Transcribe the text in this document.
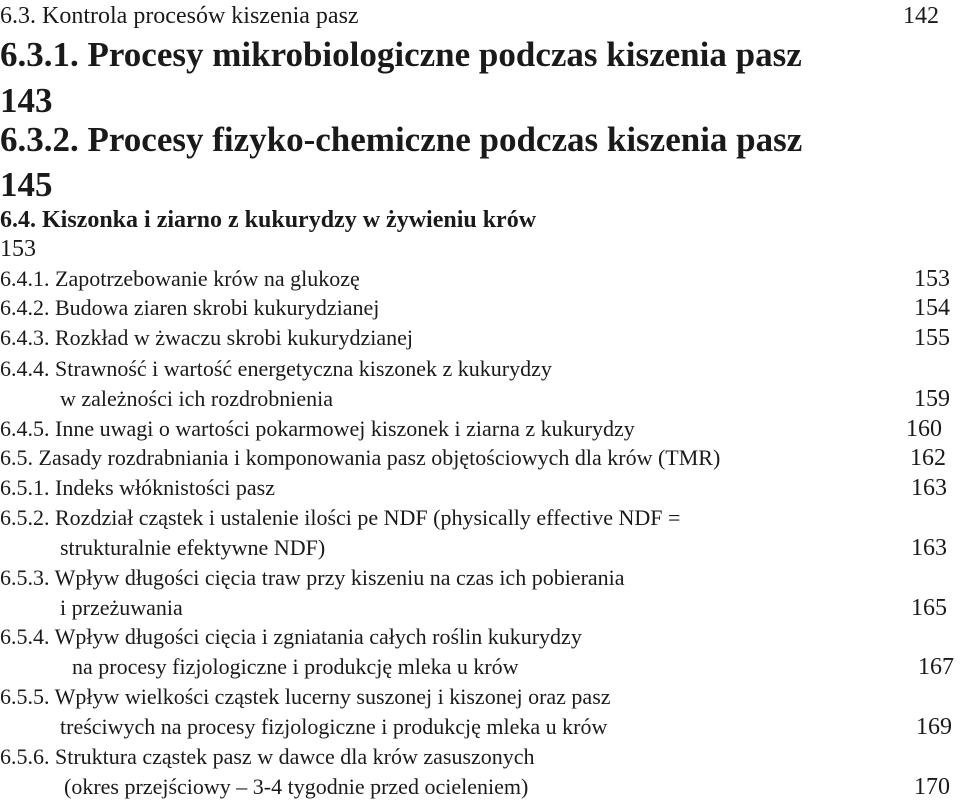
6.3. Kontrola procesów kiszenia pasz	142
6.3.1. Procesy mikrobiologiczne podczas kiszenia pasz
143
6.3.2. Procesy fizyko-chemiczne podczas kiszenia pasz
145
6.4. Kiszonka i ziarno z kukurydzy w żywieniu krów
153
6.4.1. Zapotrzebowanie krów na glukozę	153
6.4.2. Budowa ziaren skrobi kukurydzianej	154
6.4.3. Rozkład w żwaczu skrobi kukurydzianej	155
6.4.4. Strawność i wartość energetyczna kiszonek z kukurydzy
w zależności ich rozdrobnienia	159
6.4.5. Inne uwagi o wartości pokarmowej kiszonek i ziarna z kukurydzy	160
6.5. Zasady rozdrabniania i komponowania pasz objętościowych dla krów (TMR)	162
6.5.1. Indeks włóknistości pasz	163
6.5.2. Rozdział cząstek i ustalenie ilości pe NDF (physically effective NDF =
strukturalnie efektywne NDF)	163
6.5.3. Wpływ długości cięcia traw przy kiszeniu na czas ich pobierania
i przeżuwania	165
6.5.4. Wpływ długości cięcia i zgniatania całych roślin kukurydzy
na procesy fizjologiczne i produkcję mleka u krów	167
6.5.5. Wpływ wielkości cząstek lucerny suszonej i kiszonej oraz pasz
treściwych na procesy fizjologiczne i produkcję mleka u krów	169
6.5.6. Struktura cząstek pasz w dawce dla krów zasuszonych
(okres przejściowy – 3-4 tygodnie przed ocieleniem)	170
